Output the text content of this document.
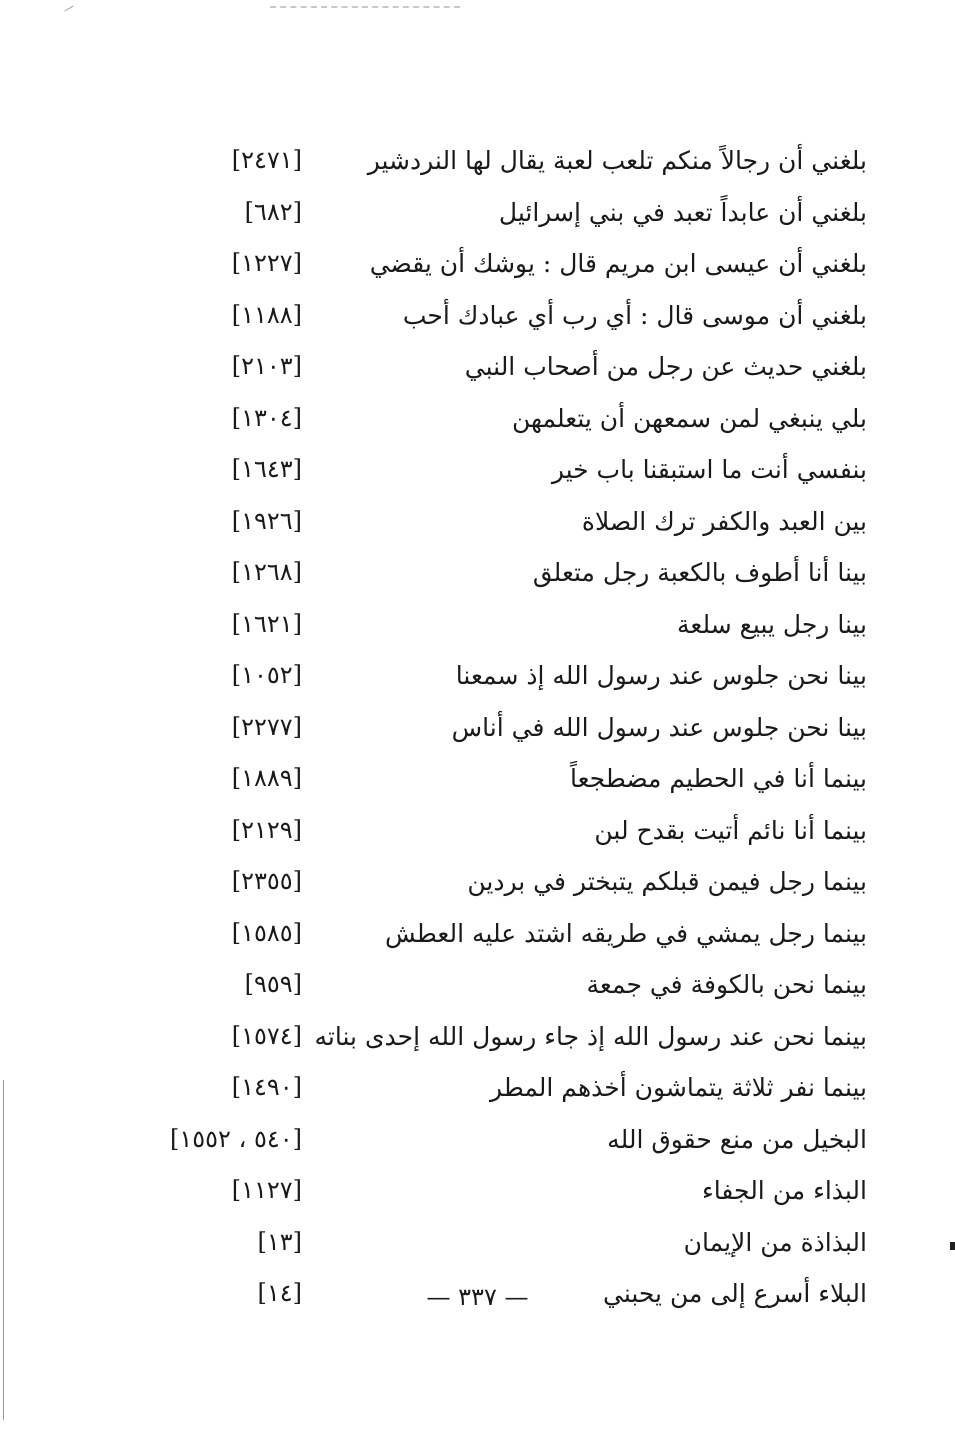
بلغني أن رجالاً منكم تلعب لعبة يقال لها النردشير
[٢٤٧١]
بلغني أن عابداً تعبد في بني إسرائيل
[٦٨٢]
بلغني أن عيسى ابن مريم قال : يوشك أن يقضي
[١٢٢٧]
بلغني أن موسى قال : أي رب أي عبادك أحب
[١١٨٨]
بلغني حديث عن رجل من أصحاب النبي
[٢١٠٣]
بلي ينبغي لمن سمعهن أن يتعلمهن
[١٣٠٤]
بنفسي أنت ما استبقنا باب خير
[١٦٤٣]
بين العبد والكفر ترك الصلاة
[١٩٢٦]
بينا أنا أطوف بالكعبة رجل متعلق
[١٢٦٨]
بينا رجل يبيع سلعة
[١٦٢١]
بينا نحن جلوس عند رسول الله إذ سمعنا
[١٠٥٢]
بينا نحن جلوس عند رسول الله في أناس
[٢٢٧٧]
بينما أنا في الحطيم مضطجعاً
[١٨٨٩]
بينما أنا نائم أتيت بقدح لبن
[٢١٢٩]
بينما رجل فيمن قبلكم يتبختر في بردين
[٢٣٥٥]
بينما رجل يمشي في طريقه اشتد عليه العطش
[١٥٨٥]
بينما نحن بالكوفة في جمعة
[٩٥٩]
بينما نحن عند رسول الله إذ جاء رسول الله إحدى بناته
[١٥٧٤]
بينما نفر ثلاثة يتماشون أخذهم المطر
[١٤٩٠]
البخيل من منع حقوق الله
[٥٤٠ ، ١٥٥٢]
البذاء من الجفاء
[١١٢٧]
البذاذة من الإيمان
[١٣]
البلاء أسرع إلى من يحبني
[١٤]	— ٣٣٧ —
